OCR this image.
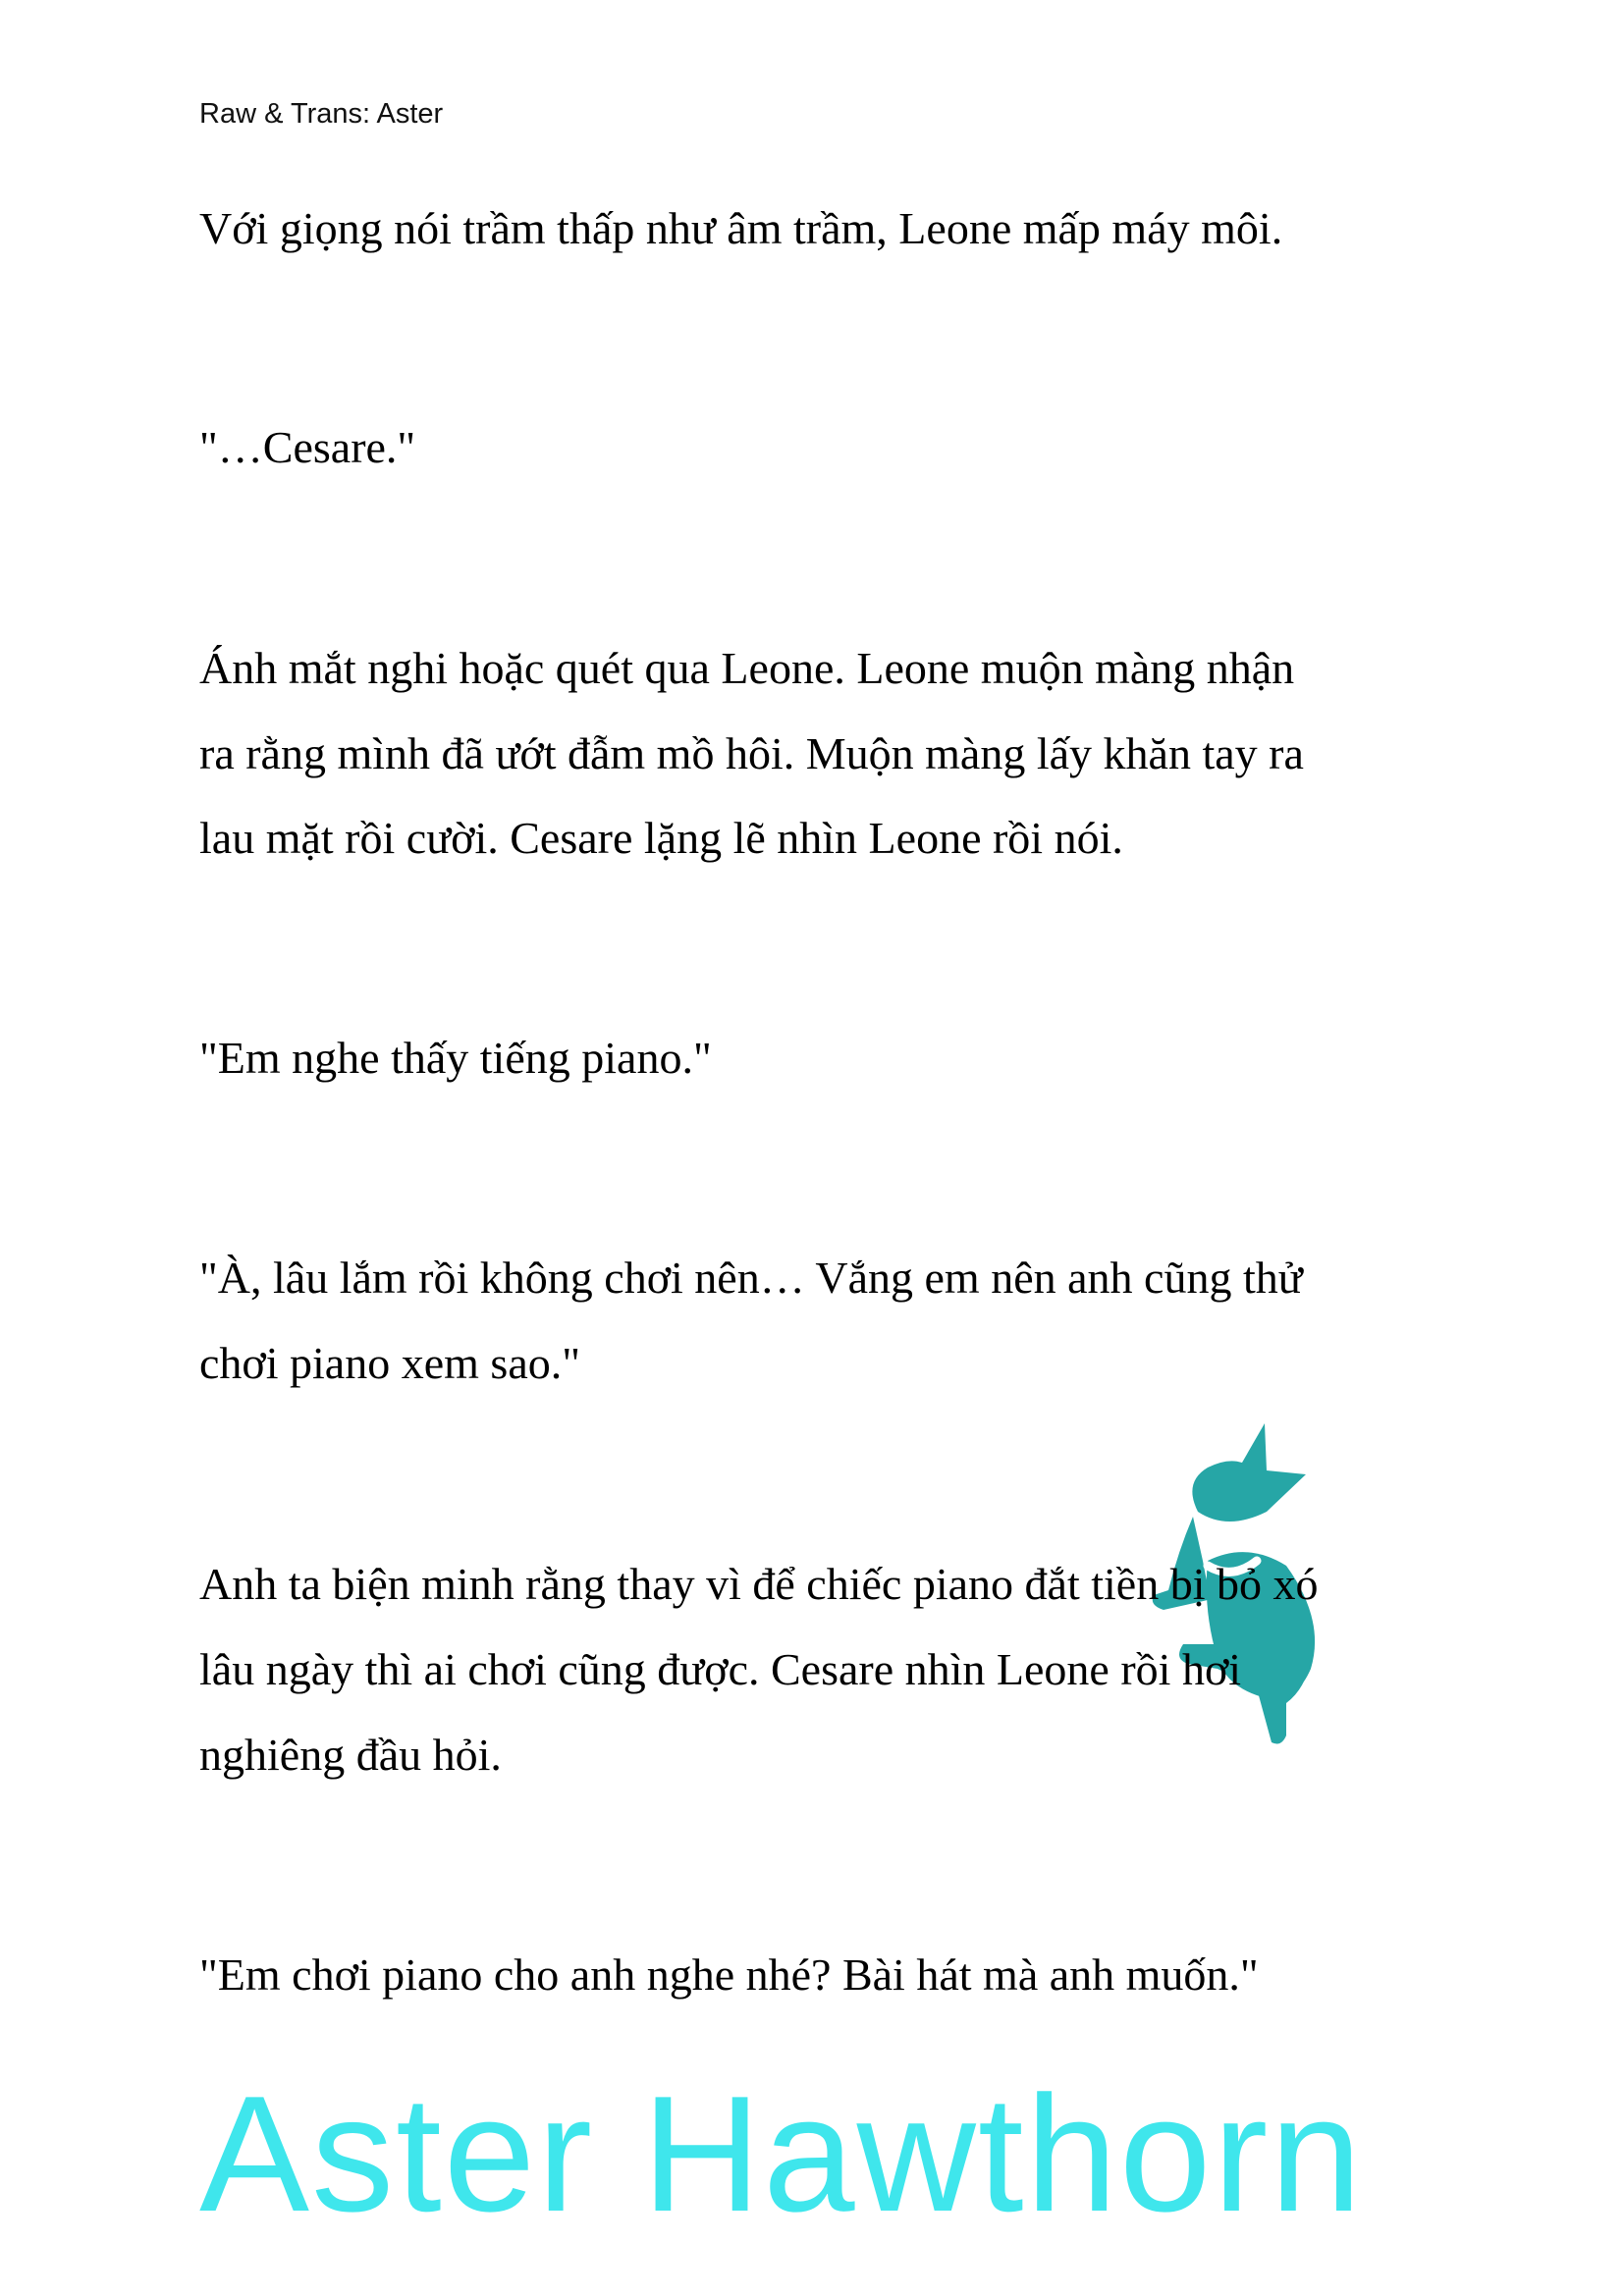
Raw & Trans: Aster
Aster Hawthorn
Với giọng nói trầm thấp như âm trầm, Leone mấp máy môi.
"…Cesare."
Ánh mắt nghi hoặc quét qua Leone. Leone muộn màng nhận
ra rằng mình đã ướt đẫm mồ hôi. Muộn màng lấy khăn tay ra
lau mặt rồi cười. Cesare lặng lẽ nhìn Leone rồi nói.
"Em nghe thấy tiếng piano."
"À, lâu lắm rồi không chơi nên… Vắng em nên anh cũng thử
chơi piano xem sao."
Anh ta biện minh rằng thay vì để chiếc piano đắt tiền bị bỏ xó
lâu ngày thì ai chơi cũng được. Cesare nhìn Leone rồi hơi
nghiêng đầu hỏi.
"Em chơi piano cho anh nghe nhé? Bài hát mà anh muốn."
